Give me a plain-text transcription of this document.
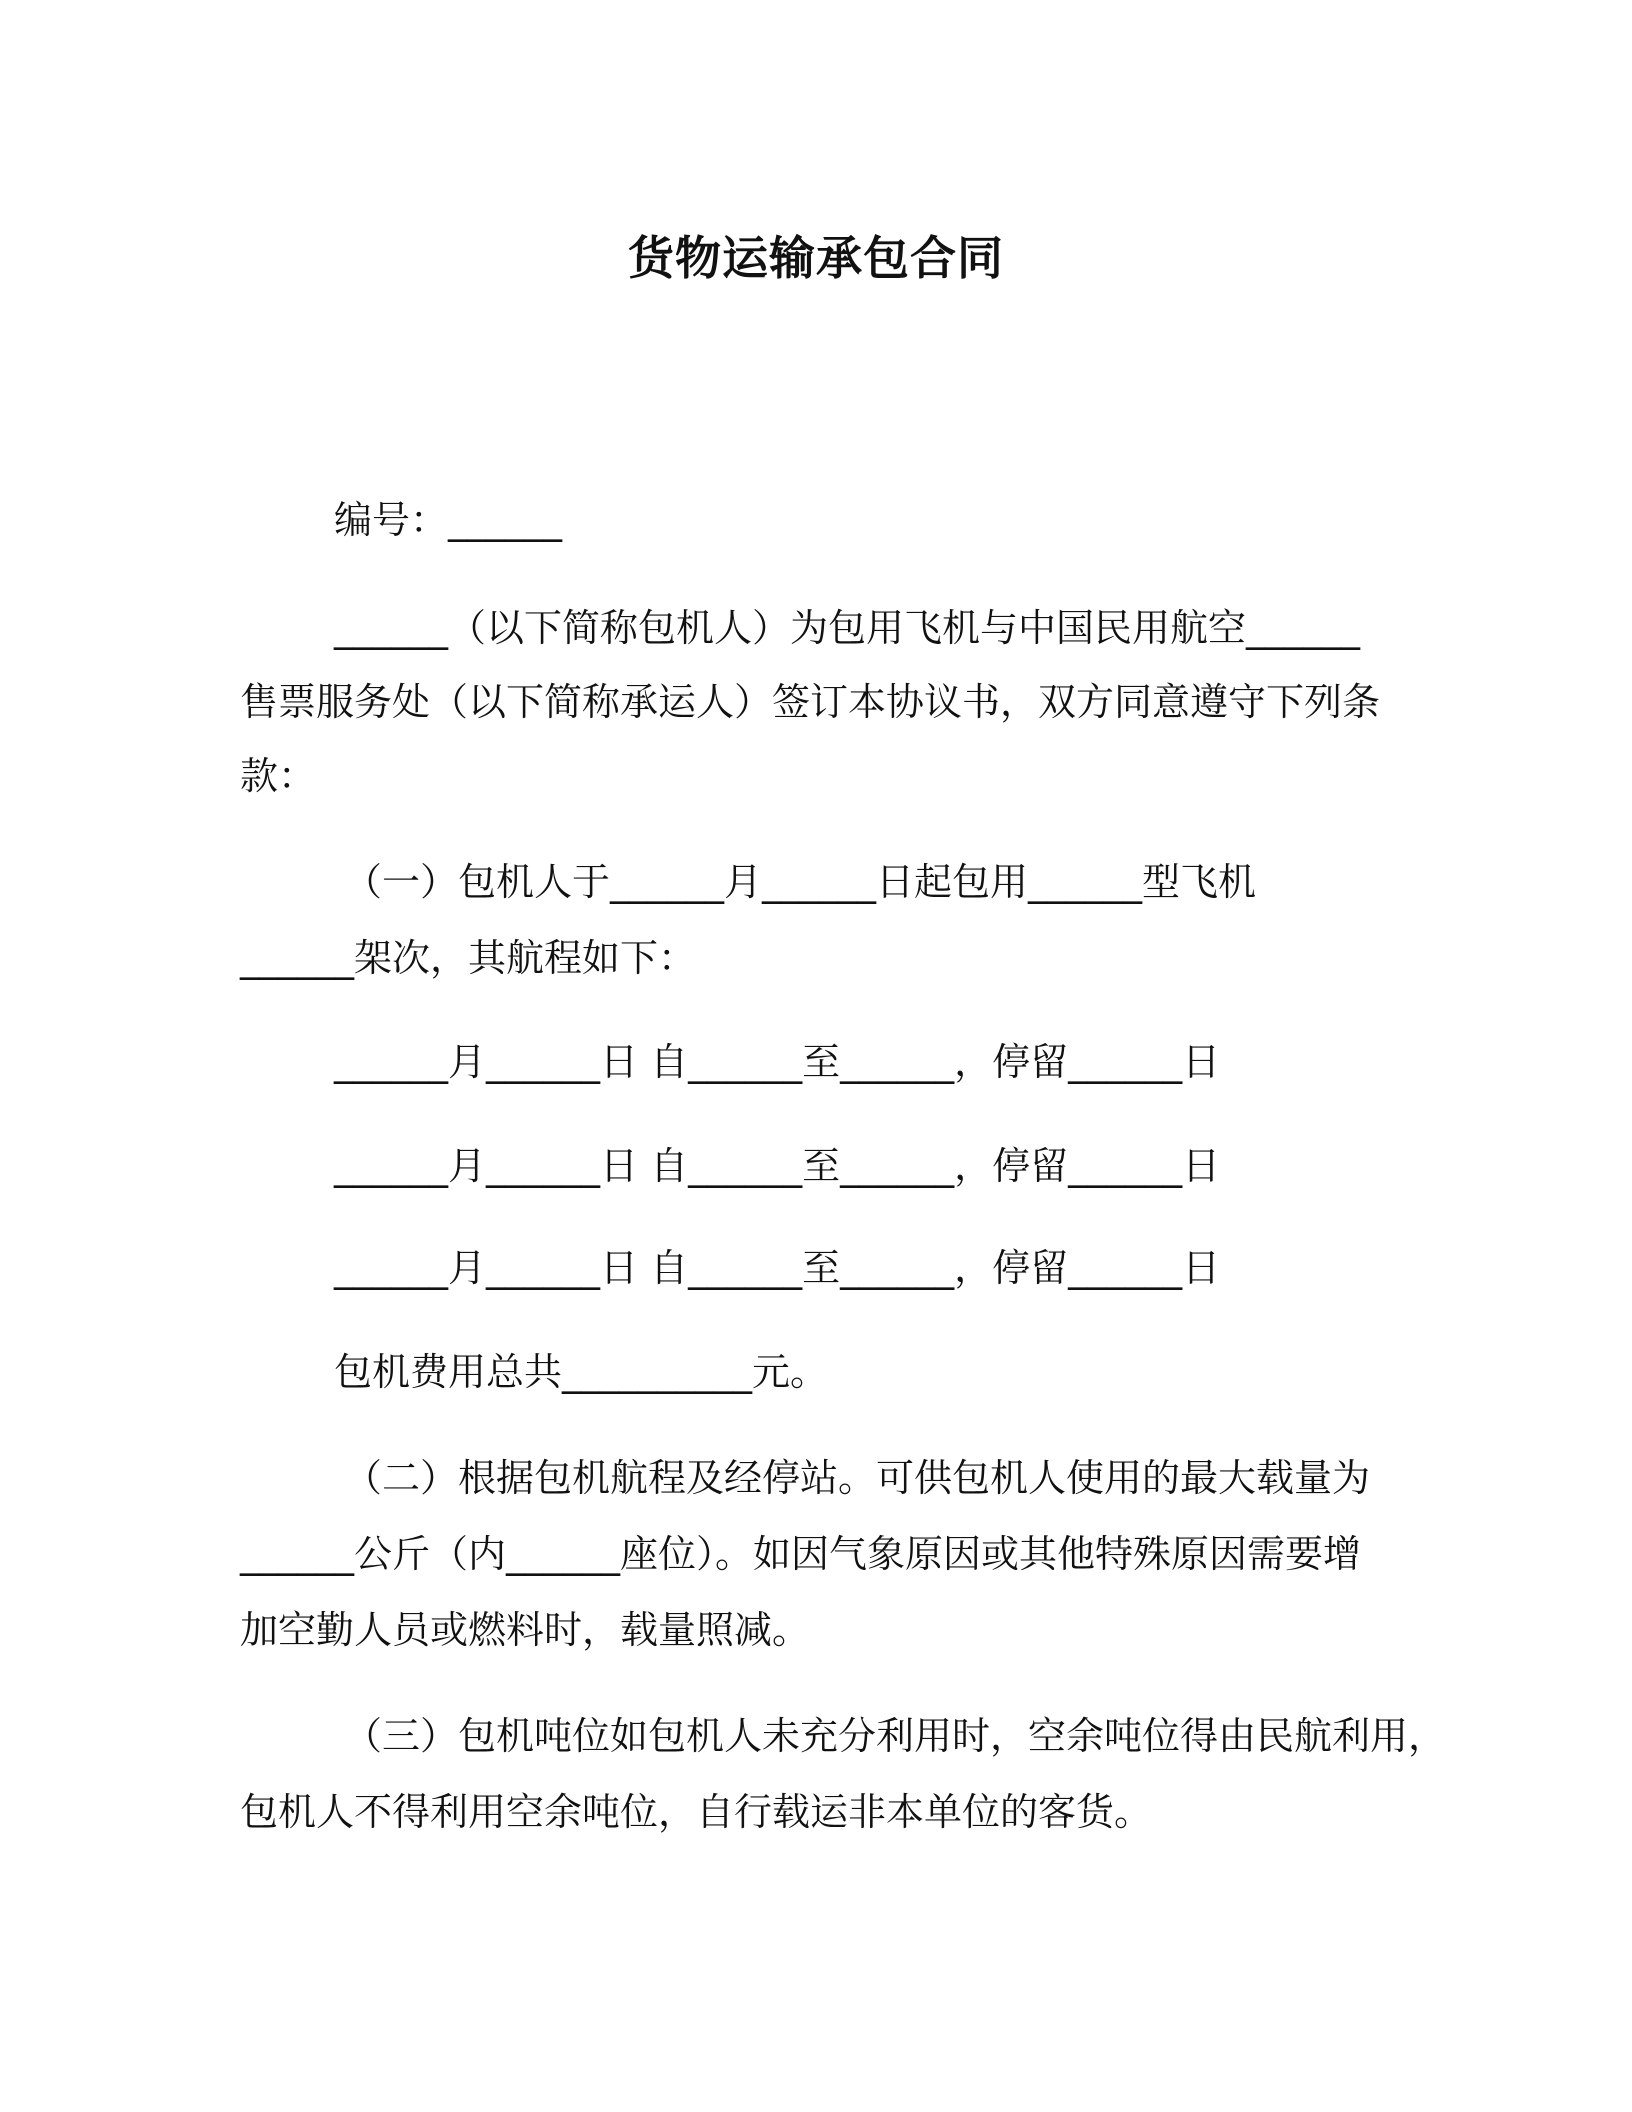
货物运输承包合同
编号：______
______（以下简称包机人）为包用飞机与中国民用航空______
售票服务处（以下简称承运人）签订本协议书，双方同意遵守下列条
款：
（一）包机人于______月______日起包用______型飞机
______架次，其航程如下：
______月______日 自______至______，停留______日
______月______日 自______至______，停留______日
______月______日 自______至______，停留______日
包机费用总共__________元。
（二）根据包机航程及经停站。可供包机人使用的最大载量为
______公斤（内______座位）。如因气象原因或其他特殊原因需要增
加空勤人员或燃料时，载量照减。
（三）包机吨位如包机人未充分利用时，空余吨位得由民航利用，
包机人不得利用空余吨位，自行载运非本单位的客货。
